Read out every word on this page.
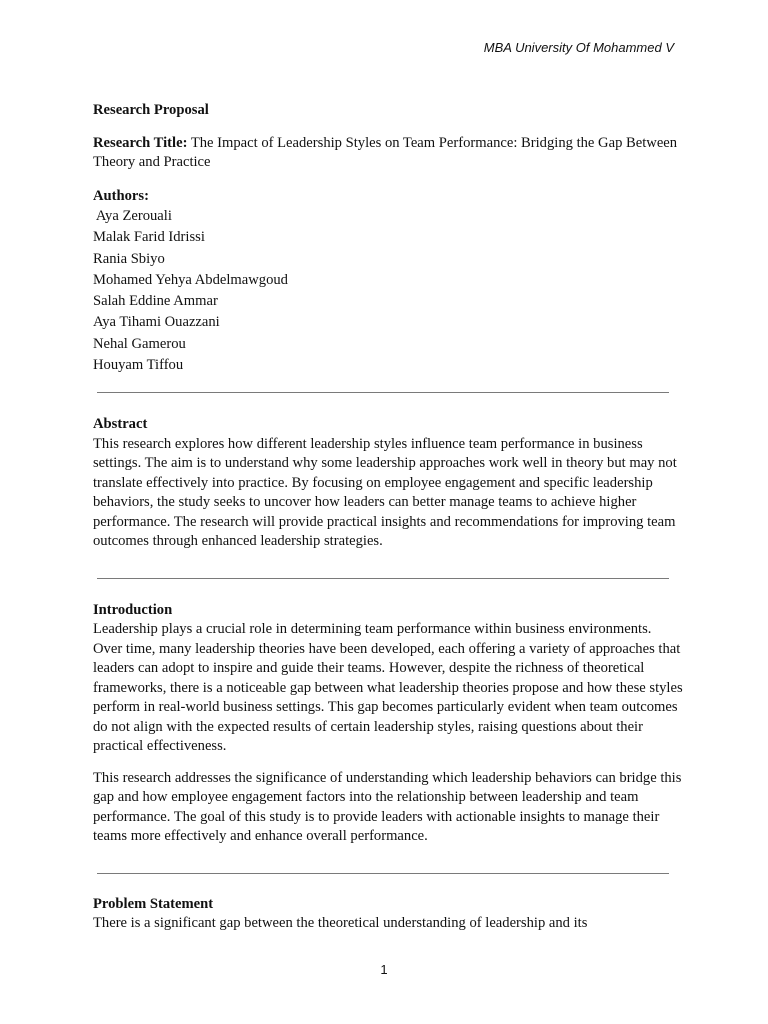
MBA University Of Mohammed V

Research Proposal

Research Title: The Impact of Leadership Styles on Team Performance: Bridging the Gap Between Theory and Practice

Authors:

Aya Zerouali
Malak Farid Idrissi
Rania Sbiyo
Mohamed Yehya Abdelmawgoud
Salah Eddine Ammar
Aya Tihami Ouazzani
Nehal Gamerou
Houyam Tiffou

Abstract

This research explores how different leadership styles influence team performance in business settings. The aim is to understand why some leadership approaches work well in theory but may not translate effectively into practice. By focusing on employee engagement and specific leadership behaviors, the study seeks to uncover how leaders can better manage teams to achieve higher performance. The research will provide practical insights and recommendations for improving team outcomes through enhanced leadership strategies.

Introduction

Leadership plays a crucial role in determining team performance within business environments. Over time, many leadership theories have been developed, each offering a variety of approaches that leaders can adopt to inspire and guide their teams. However, despite the richness of theoretical frameworks, there is a noticeable gap between what leadership theories propose and how these styles perform in real-world business settings. This gap becomes particularly evident when team outcomes do not align with the expected results of certain leadership styles, raising questions about their practical effectiveness.

This research addresses the significance of understanding which leadership behaviors can bridge this gap and how employee engagement factors into the relationship between leadership and team performance. The goal of this study is to provide leaders with actionable insights to manage their teams more effectively and enhance overall performance.

Problem Statement

There is a significant gap between the theoretical understanding of leadership and its

1
